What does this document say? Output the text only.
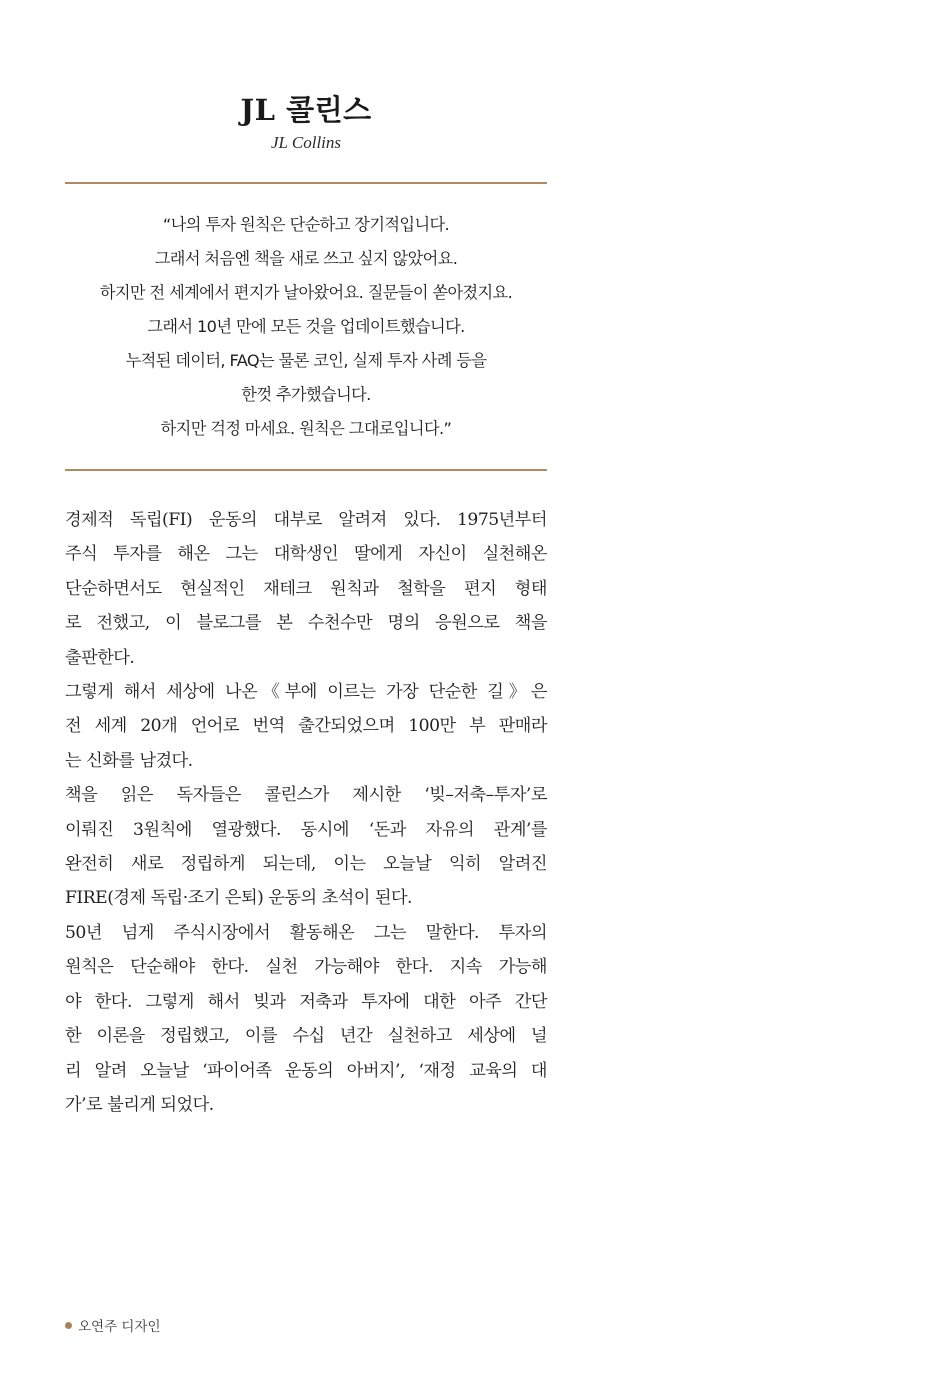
JL 콜린스
JL Collins
“나의 투자 원칙은 단순하고 장기적입니다.
그래서 처음엔 책을 새로 쓰고 싶지 않았어요.
하지만 전 세계에서 편지가 날아왔어요. 질문들이 쏟아졌지요.
그래서 10년 만에 모든 것을 업데이트했습니다.
누적된 데이터, FAQ는 물론 코인, 실제 투자 사례 등을
한껏 추가했습니다.
하지만 걱정 마세요. 원칙은 그대로입니다.”
경제적 독립(FI) 운동의 대부로 알려져 있다. 1975년부터
주식 투자를 해온 그는 대학생인 딸에게 자신이 실천해온
단순하면서도 현실적인 재테크 원칙과 철학을 편지 형태
로 전했고, 이 블로그를 본 수천수만 명의 응원으로 책을
출판한다.
그렇게 해서 세상에 나온《부에 이르는 가장 단순한 길》은
전 세계 20개 언어로 번역 출간되었으며 100만 부 판매라
는 신화를 남겼다.
책을 읽은 독자들은 콜린스가 제시한 ‘빚–저축–투자’로
이뤄진 3원칙에 열광했다. 동시에 ‘돈과 자유의 관계’를
완전히 새로 정립하게 되는데, 이는 오늘날 익히 알려진
FIRE(경제 독립·조기 은퇴) 운동의 초석이 된다.
50년 넘게 주식시장에서 활동해온 그는 말한다. 투자의
원칙은 단순해야 한다. 실천 가능해야 한다. 지속 가능해
야 한다. 그렇게 해서 빚과 저축과 투자에 대한 아주 간단
한 이론을 정립했고, 이를 수십 년간 실천하고 세상에 널
리 알려 오늘날 ‘파이어족 운동의 아버지’, ‘재정 교육의 대
가’로 불리게 되었다.
오연주 디자인
